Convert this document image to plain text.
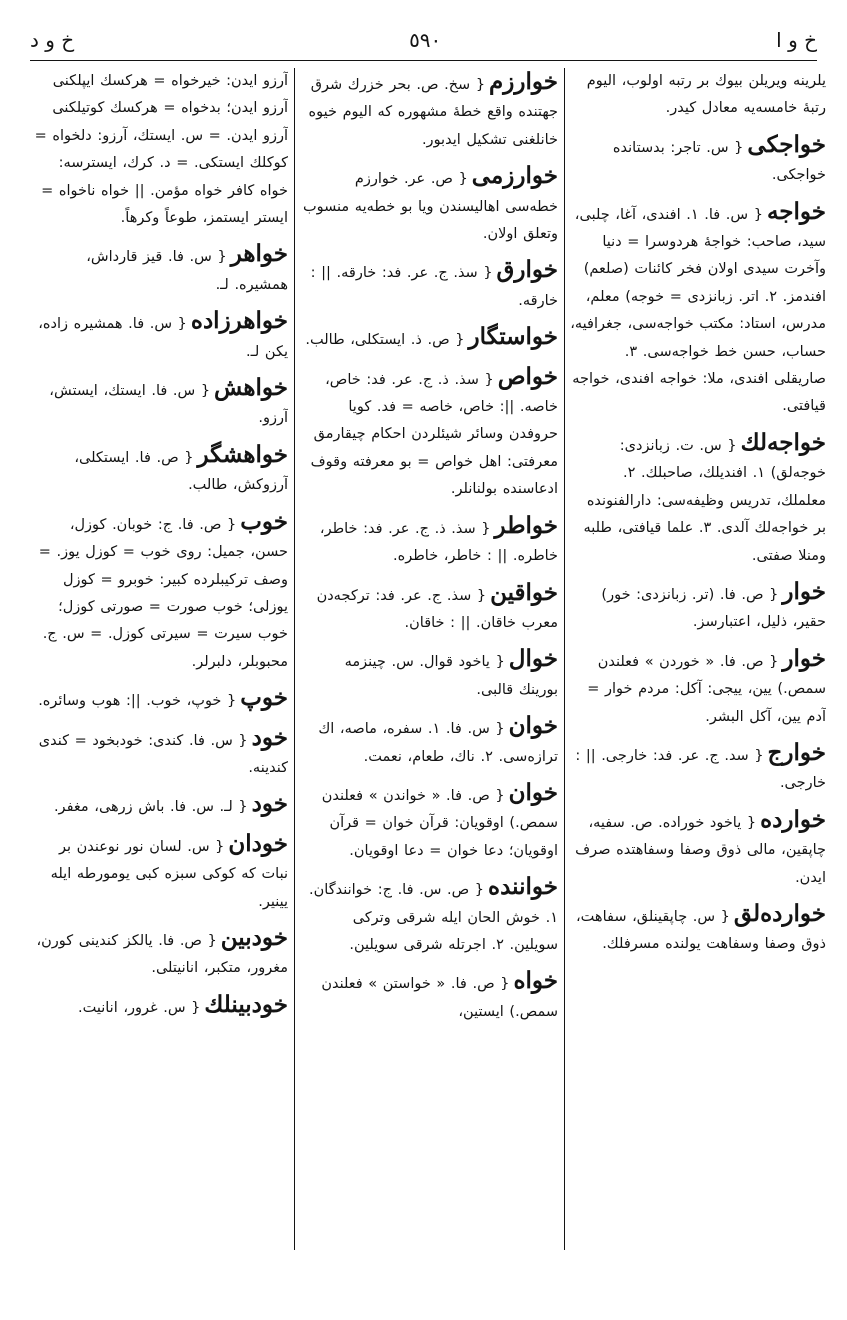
خ و د	٥٩٠	خ و ا
يلرينه ويريلن بيوك بر رتبه اولوب، اليوم رتبهٔ خامسه‌يه معادل كيدر.
خواجكى{ س. تاجر: بدستانده خواجكى.
خواجه{ س. فا. ١. افندى، آغا، چلبى، سيد، صاحب: خواجهٔ هردوسرا = دنيا وآخرت سيدى اولان فخر كائنات (صلعم) افندمز. ٢. اتر. زبانزدى = خوجه) معلم، مدرس، استاد: مكتب خواجه‌سى، جغرافيه، حساب، حسن خط خواجه‌سى. ٣. صاريقلى افندى، ملا: خواجه افندى، خواجه قيافتى.
خواجه‌لك{ س. ت. زبانزدى: خوجه‌لق) ١. افنديلك، صاحبلك. ٢. معلملك، تدريس وظيفه‌سى: دارالفنونده بر خواجه‌لك آلدى. ٣. علما قيافتى، طلبه ومنلا صفتى.
خوار{ ص. فا. (تر. زبانزدى: خور) حقير، ذليل، اعتبارسز.
خوار{ ص. فا. « خوردن » فعلندن سمص.) يين، ييجى: آكل: مردم خوار = آدم يين، آكل البشر.
خوارج{ سد. ج. عر. فد: خارجى. || : خارجى.
خوارده{ ياخود خوراده. ص. سفيه، چاپقين، مالى ذوق وصفا وسفاهتده صرف ايدن.
خوارده‌لق{ س. چاپقينلق، سفاهت، ذوق وصفا وسفاهت يولنده مسرفلك.
خوارزم{ سخ. ص. بحر خزرك شرق جهتنده واقع خطهٔ مشهوره كه اليوم خيوه خانلغنى تشكيل ايدبور.
خوارزمى{ ص. عر. خوارزم خطه‌سى اهاليسندن ويا بو خطه‌يه منسوب وتعلق اولان.
خوارق{ سذ. ج. عر. فد: خارقه. || : خارقه.
خواستگار{ ص. ذ. ايستكلى، طالب.
خواص{ سذ. ذ. ج. عر. فد: خاص، خاصه. ||: خاص، خاصه = فد. كويا حروفدن وسائر شيئلردن احكام چيقارمق معرفتى: اهل خواص = بو معرفته وقوف ادعاسنده بولنانلر.
خواطر{ سذ. ذ. ج. عر. فد: خاطر، خاطره. || : خاطر، خاطره.
خواقين{ سذ. ج. عر. فد: تركجه‌دن معرب خاقان. || : خاقان.
خوال{ ياخود قوال. س. چينزمه بورينك قالبى.
خوان{ س. فا. ١. سفره، ماصه، اك ترازه‌سى. ٢. ناك، طعام، نعمت.
خوان{ ص. فا. « خواندن » فعلندن سمص.) اوقويان: قرآن خوان = قرآن اوقويان؛ دعا خوان = دعا اوقويان.
خواننده{ ص. س. فا. ج: خوانندگان. ١. خوش الحان ايله شرقى وتركى سويلين. ٢. اجرتله شرقى سويلين.
خواه{ ص. فا. « خواستن » فعلندن سمص.) ايستين،
آرزو ايدن: خيرخواه = هركسك ايپلكنى آرزو ايدن؛ بدخواه = هركسك كوتيلكنى آرزو ايدن. = س. ايستك، آرزو: دلخواه = كوكلك ايستكى. = د. كرك، ايسترسه: خواه كافر خواه مؤمن. || خواه ناخواه = ايستر ايستمز، طوعاً وكرهاً.
خواهر{ س. فا. قيز قارداش، همشيره. لـ.
خواهرزاده{ س. فا. همشيره زاده، يكن لـ.
خواهش{ س. فا. ايستك، ايستش، آرزو.
خواهشگر{ ص. فا. ايستكلى، آرزوكش، طالب.
خوب{ ص. فا. ج: خوبان. كوزل، حسن، جميل: روى خوب = كوزل يوز. = وصف تركيبلرده كبير: خوبرو = كوزل يوزلى؛ خوب صورت = صورتى كوزل؛ خوب سيرت = سيرتى كوزل. = س. ج. محبوبلر، دلبرلر.
خوپ{ خوپ، خوب. ||: هوب وسائره.
خود{ س. فا. كندى: خودبخود = كندى كندينه.
خود{ لـ. س. فا. باش زرهى، مغفر.
خودان{ س. لسان نور نوعندن بر نبات كه كوكى سبزه كبى يومورطه ايله يينير.
خودبين{ ص. فا. يالكز كندينى كورن، مغرور، متكبر، انانيتلى.
خودبينلك{ س. غرور، انانيت.
